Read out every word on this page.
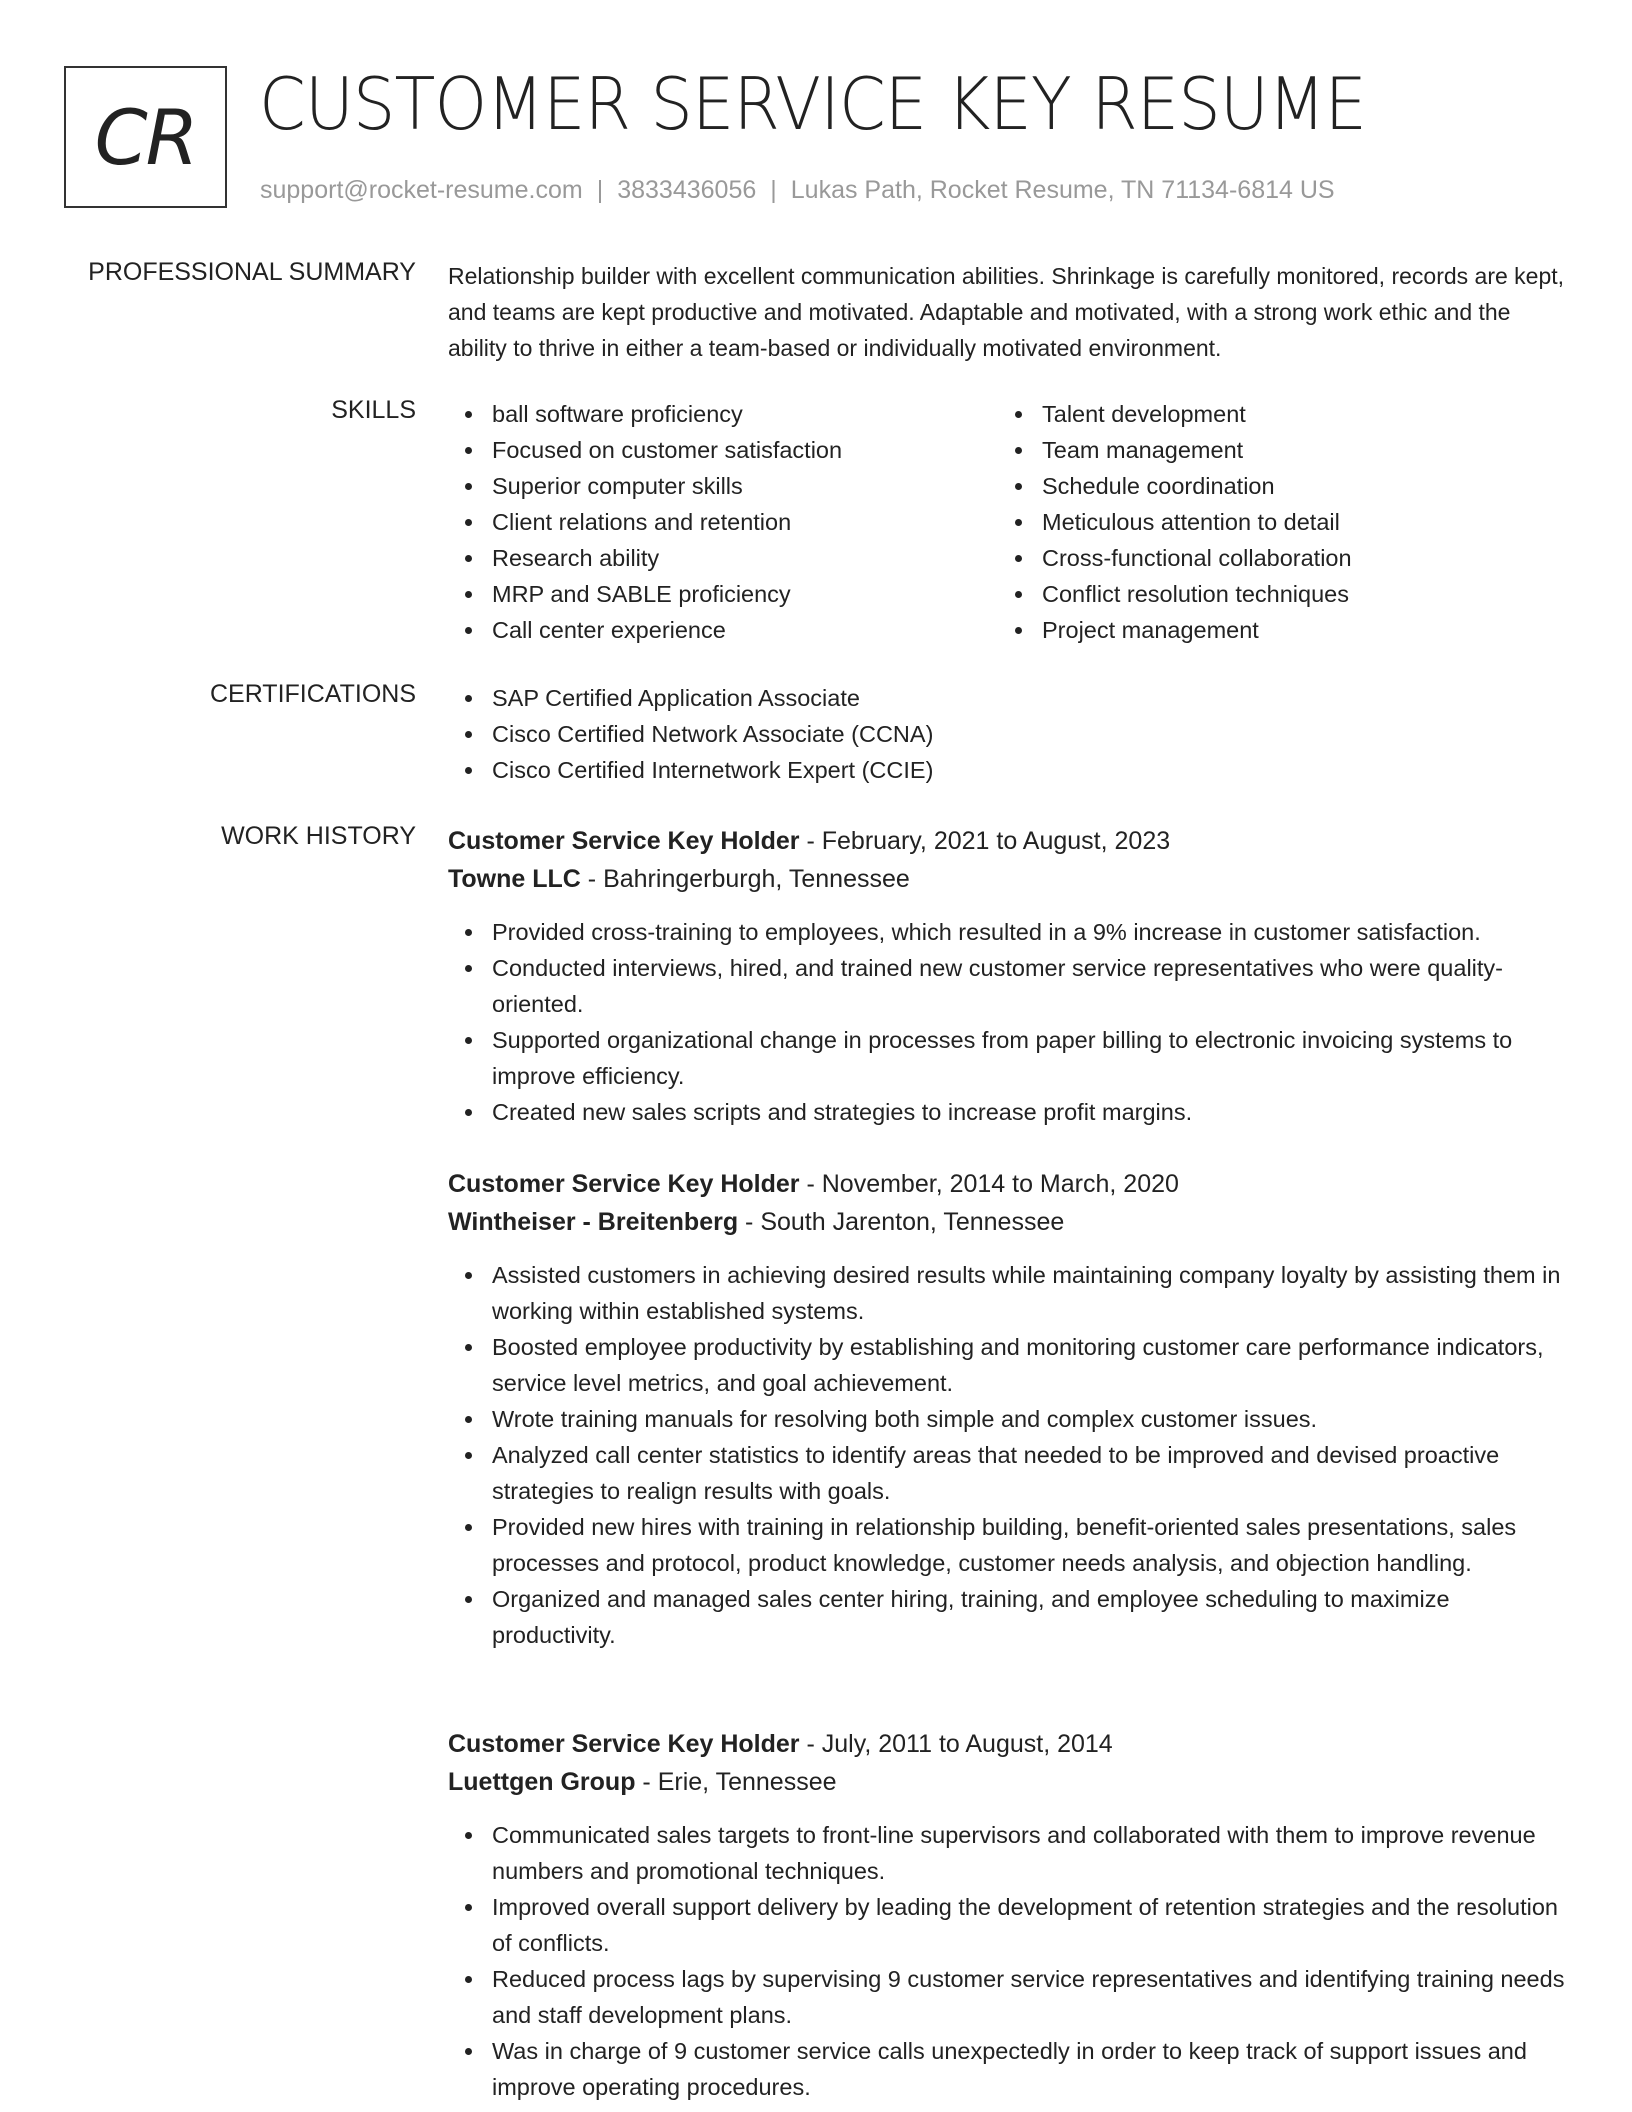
CR CUSTOMER SERVICE KEY RESUME
support@rocket-resume.com | 3833436056 | Lukas Path, Rocket Resume, TN 71134-6814 US
PROFESSIONAL SUMMARY Relationship builder with excellent communication abilities. Shrinkage is carefully monitored, records are kept, and teams are kept productive and motivated. Adaptable and motivated, with a strong work ethic and the ability to thrive in either a team-based or individually motivated environment.

SKILLS	ball software proficiency
Focused on customer satisfaction
Superior computer skills
Client relations and retention
Research ability
MRP and SABLE proficiency
Call center experience
Talent development
Team management
Schedule coordination
Meticulous attention to detail
Cross-functional collaboration
Conflict resolution techniques
Project management
CERTIFICATIONS	SAP Certified Application Associate
Cisco Certified Network Associate (CCNA)
Cisco Certified Internetwork Expert (CCIE)
WORK HISTORY Customer Service Key Holder - February, 2021 to August, 2023
Towne LLC - Bahringerburgh, Tennessee
Provided cross-training to employees, which resulted in a 9% increase in customer satisfaction.
Conducted interviews, hired, and trained new customer service representatives who were quality-oriented.
Supported organizational change in processes from paper billing to electronic invoicing systems to improve efficiency.
Created new sales scripts and strategies to increase profit margins.
Customer Service Key Holder - November, 2014 to March, 2020
Wintheiser - Breitenberg - South Jarenton, Tennessee
Assisted customers in achieving desired results while maintaining company loyalty by assisting them in working within established systems.
Boosted employee productivity by establishing and monitoring customer care performance indicators, service level metrics, and goal achievement.
Wrote training manuals for resolving both simple and complex customer issues.
Analyzed call center statistics to identify areas that needed to be improved and devised proactive strategies to realign results with goals.
Provided new hires with training in relationship building, benefit-oriented sales presentations, sales processes and protocol, product knowledge, customer needs analysis, and objection handling.
Organized and managed sales center hiring, training, and employee scheduling to maximize productivity.
Customer Service Key Holder - July, 2011 to August, 2014
Luettgen Group - Erie, Tennessee
Communicated sales targets to front-line supervisors and collaborated with them to improve revenue numbers and promotional techniques.
Improved overall support delivery by leading the development of retention strategies and the resolution of conflicts.
Reduced process lags by supervising 9 customer service representatives and identifying training needs and staff development plans.
Was in charge of 9 customer service calls unexpectedly in order to keep track of support issues and improve operating procedures.
